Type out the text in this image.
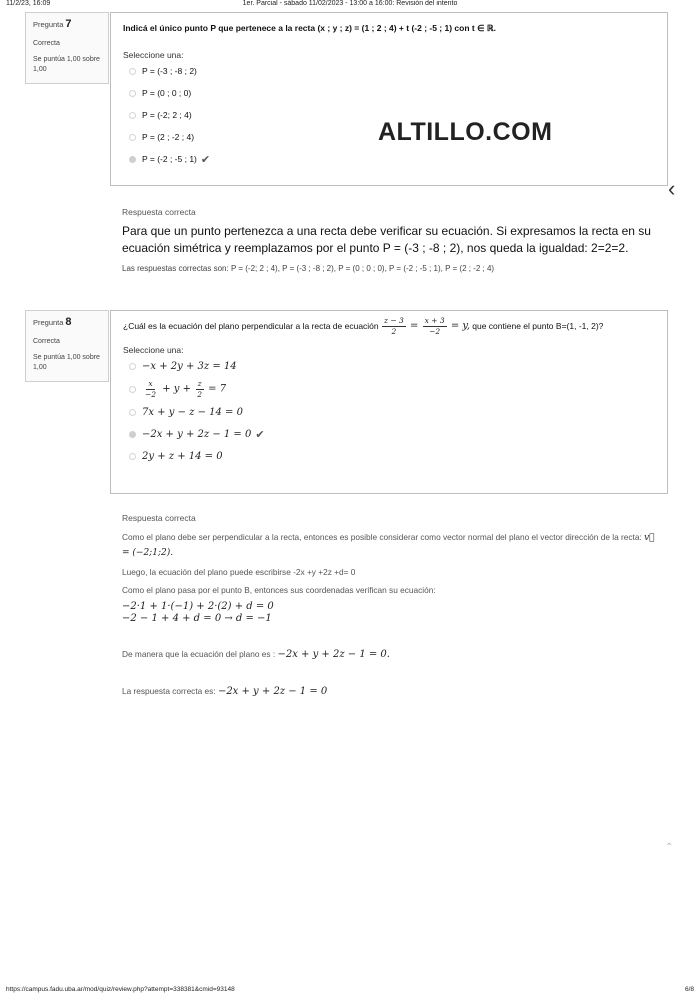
11/2/23, 16:09	1er. Parcial - sábado 11/02/2023 - 13:00 a 16:00: Revisión del intento
Pregunta 7
Correcta
Se puntúa 1,00 sobre 1,00
Indicá el único punto P que pertenece a la recta (x ; y ; z) = (1 ; 2 ; 4) + t (-2 ; -5 ; 1) con t ∈ ℝ.
Seleccione una:
P = (-3 ; -8 ; 2)
P = (0 ; 0 ; 0)
P = (-2; 2 ; 4)
P = (2 ; -2 ; 4)
P = (-2 ; -5 ; 1) ✔
ALTILLO.COM
‹
Respuesta correcta
Para que un punto pertenezca a una recta debe verificar su ecuación. Si expresamos la recta en su ecuación simétrica y reemplazamos por el punto P = (-3 ; -8 ; 2), nos queda la igualdad: 2=2=2.
Las respuestas correctas son: P = (-2; 2 ; 4), P = (-3 ; -8 ; 2), P = (0 ; 0 ; 0), P = (-2 ; -5 ; 1), P = (2 ; -2 ; 4)
Pregunta 8
Correcta
Se puntúa 1,00 sobre 1,00
¿Cuál es la ecuación del plano perpendicular a la recta de ecuación
$\frac{z - 3}{2} = \frac{x + 3}{-2} = y$,
que contiene el punto B=(1, -1, 2)?
Seleccione una:
−x + 2y + 3z = 14
$\frac{x}{-2} + y + \frac{z}{2} = 7$
7x + y − z − 14 = 0
−2x + y + 2z − 1 = 0 ✔
2y + z + 14 = 0
Respuesta correcta
Como el plano debe ser perpendicular a la recta, entonces es posible considerar como vector normal del plano el vector dirección de la recta: v⃗ = (−2;1;2).
Luego, la ecuación del plano puede escribirse -2x +y +2z +d= 0
Como el plano pasa por el punto B, entonces sus coordenadas verifican su ecuación:
−2·1 + 1·(−1) + 2·(2) + d = 0
−2 − 1 + 4 + d = 0 → d = −1
De manera que la ecuación del plano es : −2x + y + 2z − 1 = 0.
La respuesta correcta es: −2x + y + 2z − 1 = 0
⌃
https://campus.fadu.uba.ar/mod/quiz/review.php?attempt=338381&cmid=93148	6/8
